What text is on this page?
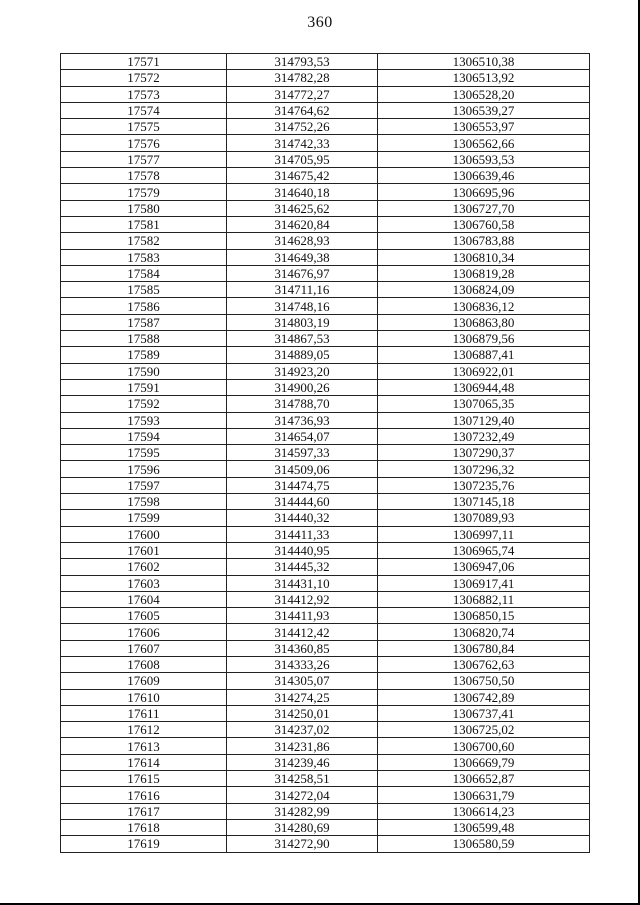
360
17571	314793,53	1306510,38
17572	314782,28	1306513,92
17573	314772,27	1306528,20
17574	314764,62	1306539,27
17575	314752,26	1306553,97
17576	314742,33	1306562,66
17577	314705,95	1306593,53
17578	314675,42	1306639,46
17579	314640,18	1306695,96
17580	314625,62	1306727,70
17581	314620,84	1306760,58
17582	314628,93	1306783,88
17583	314649,38	1306810,34
17584	314676,97	1306819,28
17585	314711,16	1306824,09
17586	314748,16	1306836,12
17587	314803,19	1306863,80
17588	314867,53	1306879,56
17589	314889,05	1306887,41
17590	314923,20	1306922,01
17591	314900,26	1306944,48
17592	314788,70	1307065,35
17593	314736,93	1307129,40
17594	314654,07	1307232,49
17595	314597,33	1307290,37
17596	314509,06	1307296,32
17597	314474,75	1307235,76
17598	314444,60	1307145,18
17599	314440,32	1307089,93
17600	314411,33	1306997,11
17601	314440,95	1306965,74
17602	314445,32	1306947,06
17603	314431,10	1306917,41
17604	314412,92	1306882,11
17605	314411,93	1306850,15
17606	314412,42	1306820,74
17607	314360,85	1306780,84
17608	314333,26	1306762,63
17609	314305,07	1306750,50
17610	314274,25	1306742,89
17611	314250,01	1306737,41
17612	314237,02	1306725,02
17613	314231,86	1306700,60
17614	314239,46	1306669,79
17615	314258,51	1306652,87
17616	314272,04	1306631,79
17617	314282,99	1306614,23
17618	314280,69	1306599,48
17619	314272,90	1306580,59
